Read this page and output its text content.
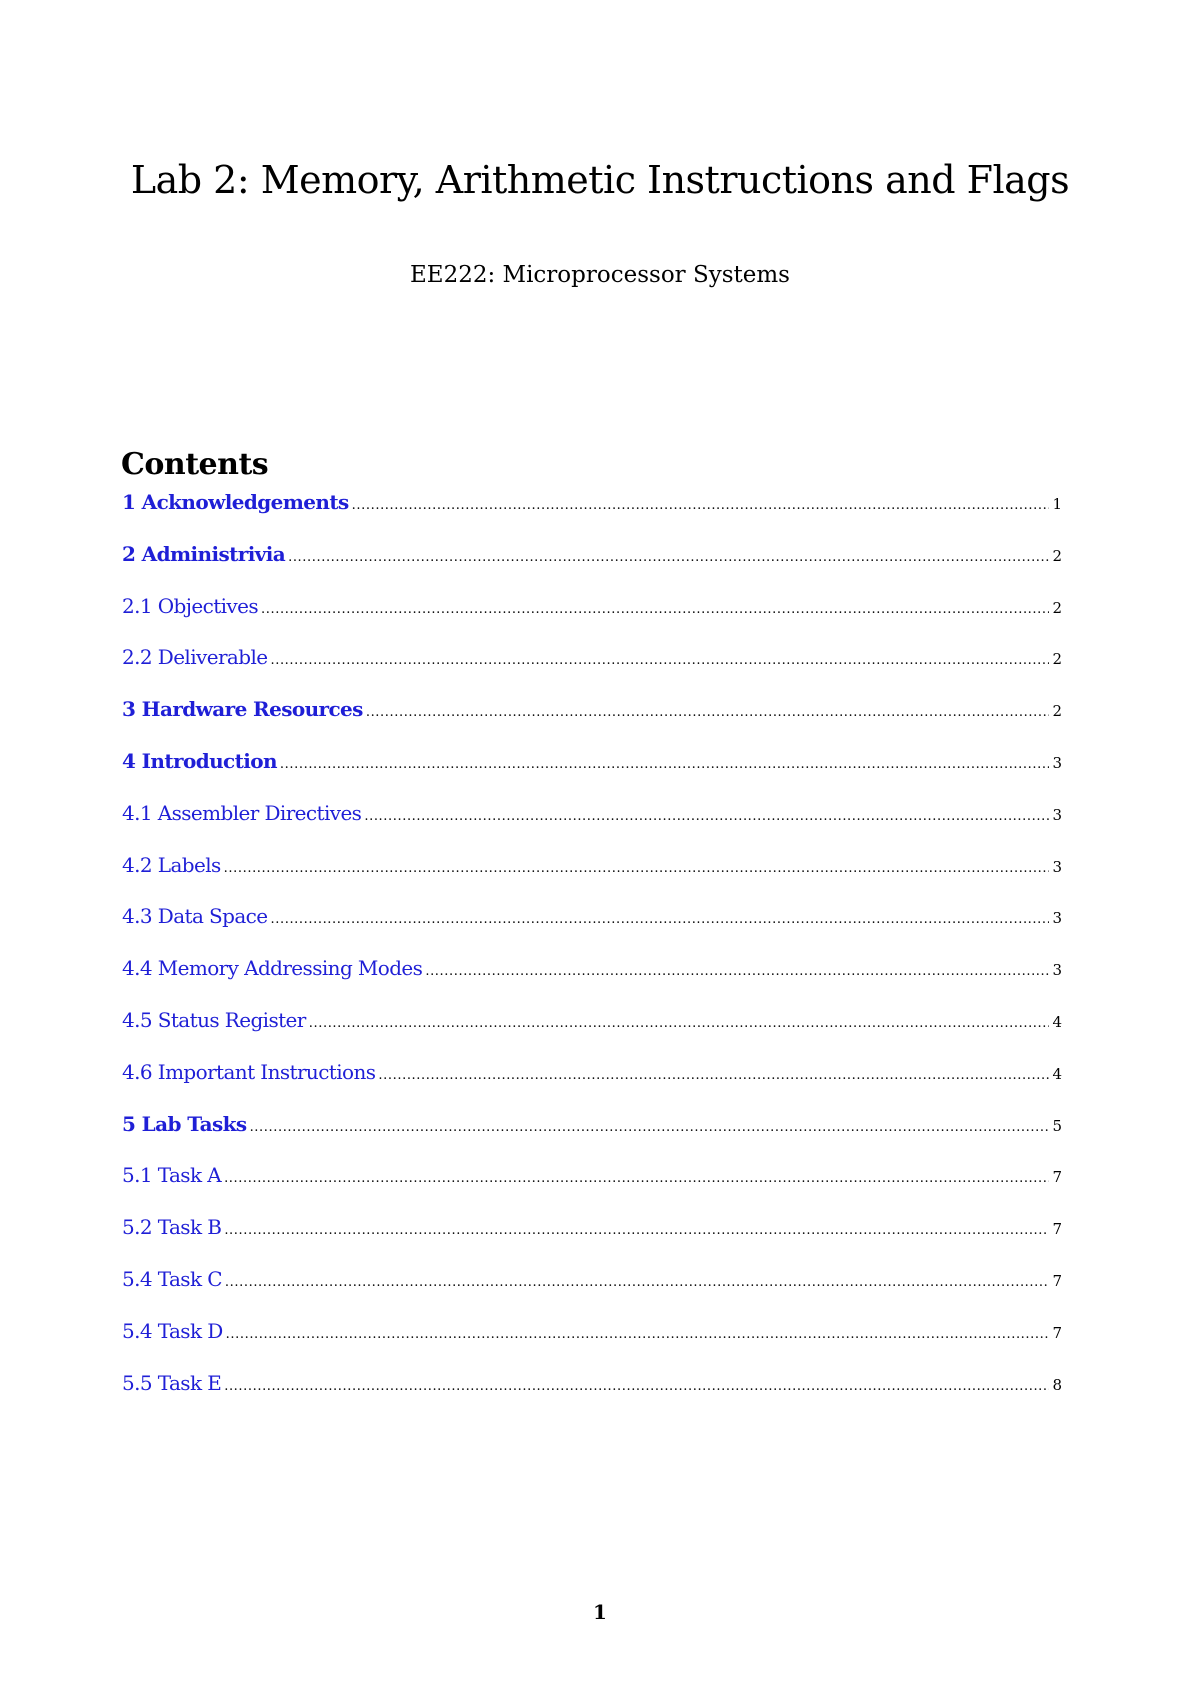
Lab 2: Memory, Arithmetic Instructions and Flags
EE222: Microprocessor Systems
Contents
1 Acknowledgements .....	1
2 Administrivia .....	2
2.1 Objectives .....	2
2.2 Deliverable .....	2
3 Hardware Resources .....	2
4 Introduction .....	3
4.1 Assembler Directives .....	3
4.2 Labels .....	3
4.3 Data Space .....	3
4.4 Memory Addressing Modes .....	3
4.5 Status Register .....	4
4.6 Important Instructions .....	4
5 Lab Tasks .....	5
5.1 Task A .....	7
5.2 Task B .....	7
5.4 Task C .....	7
5.4 Task D .....	7
5.5 Task E .....	8
1
